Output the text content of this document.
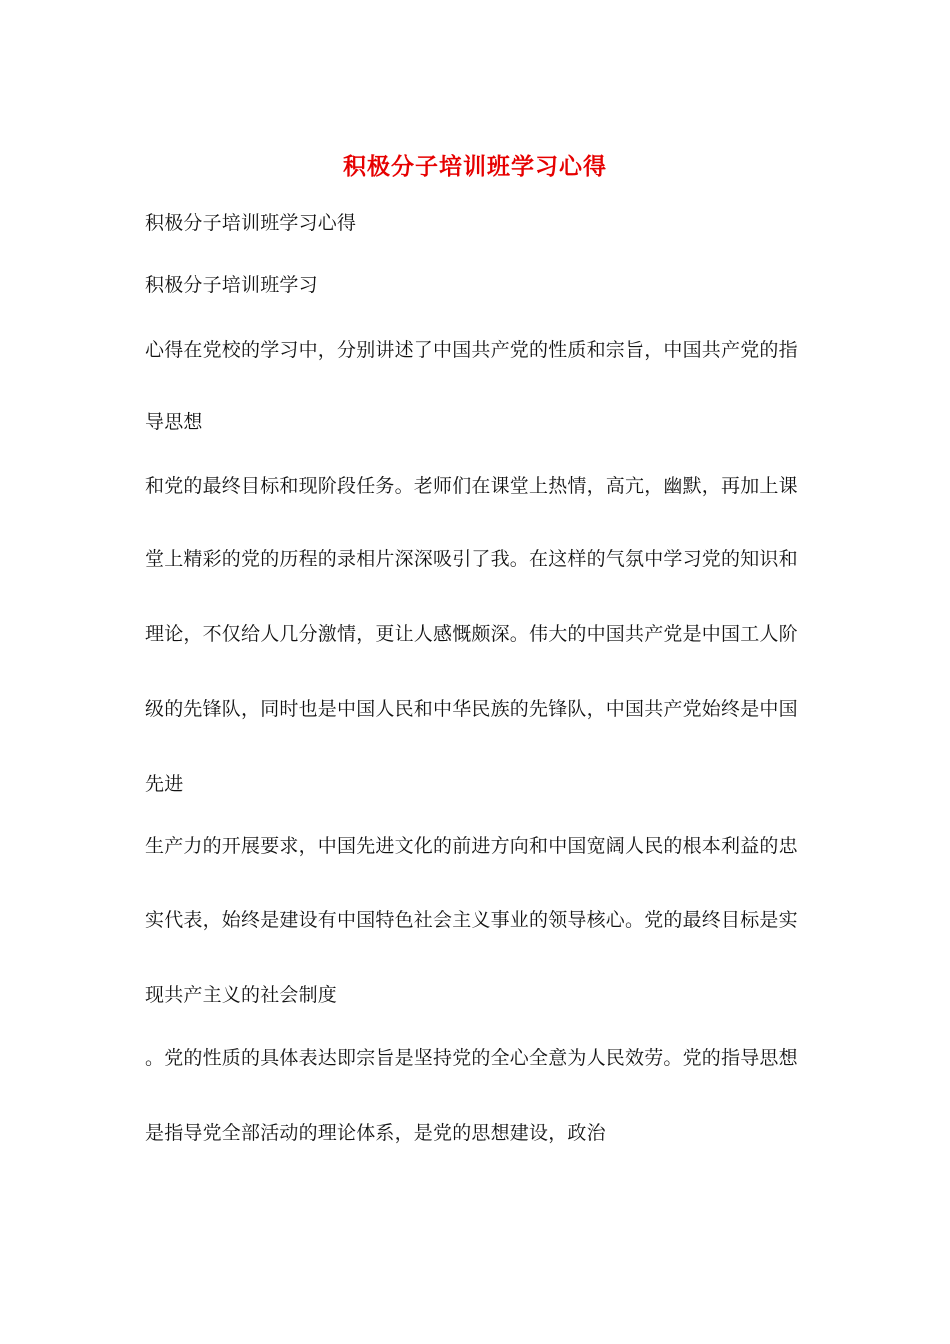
积极分子培训班学习心得
积极分子培训班学习心得
积极分子培训班学习
心得在党校的学习中，分别讲述了中国共产党的性质和宗旨，中国共产党的指
导思想
和党的最终目标和现阶段任务。老师们在课堂上热情，高亢，幽默，再加上课
堂上精彩的党的历程的录相片深深吸引了我。在这样的气氛中学习党的知识和
理论，不仅给人几分激情，更让人感慨颇深。伟大的中国共产党是中国工人阶
级的先锋队，同时也是中国人民和中华民族的先锋队，中国共产党始终是中国
先进
生产力的开展要求，中国先进文化的前进方向和中国宽阔人民的根本利益的忠
实代表，始终是建设有中国特色社会主义事业的领导核心。党的最终目标是实
现共产主义的社会制度
。党的性质的具体表达即宗旨是坚持党的全心全意为人民效劳。党的指导思想
是指导党全部活动的理论体系，是党的思想建设，政治
